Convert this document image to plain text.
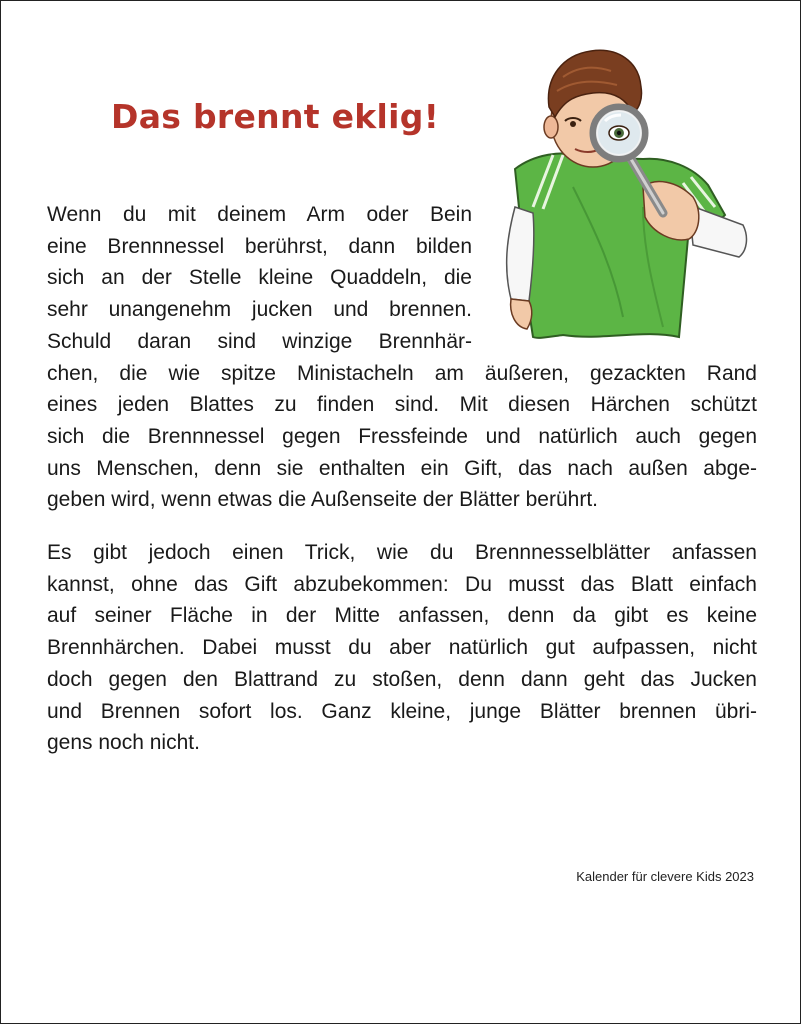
Das brennt eklig!
Wenn du mit deinem Arm oder Bein
eine Brennnessel berührst, dann bilden
sich an der Stelle kleine Quaddeln, die
sehr unangenehm jucken und brennen.
Schuld daran sind winzige Brennhär-
chen, die wie spitze Ministacheln am äußeren, gezackten Rand
eines jeden Blattes zu finden sind. Mit diesen Härchen schützt
sich die Brennnessel gegen Fressfeinde und natürlich auch gegen
uns Menschen, denn sie enthalten ein Gift, das nach außen abge-
geben wird, wenn etwas die Außenseite der Blätter berührt.
Es gibt jedoch einen Trick, wie du Brennnesselblätter anfassen
kannst, ohne das Gift abzubekommen: Du musst das Blatt einfach
auf seiner Fläche in der Mitte anfassen, denn da gibt es keine
Brennhärchen. Dabei musst du aber natürlich gut aufpassen, nicht
doch gegen den Blattrand zu stoßen, denn dann geht das Jucken
und Brennen sofort los. Ganz kleine, junge Blätter brennen übri-
gens noch nicht.

Kalender für clevere Kids 2023
